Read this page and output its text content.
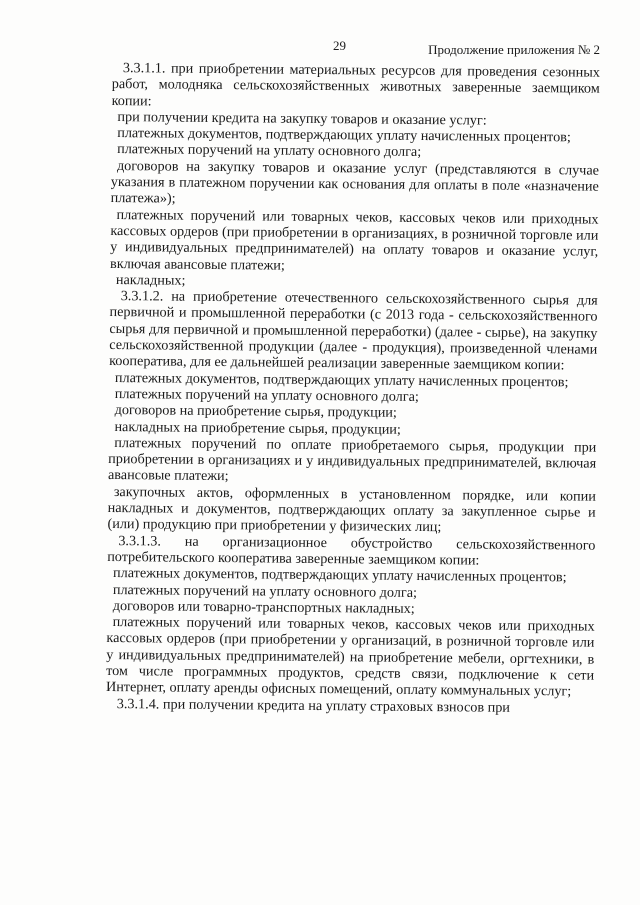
29	Продолжение приложения № 2

3.3.1.1. при приобретении материальных ресурсов для проведения сезонных работ, молодняка сельскохозяйственных животных заверенные заемщиком копии:

при получении кредита на закупку товаров и оказание услуг:

платежных документов, подтверждающих уплату начисленных процентов;

платежных поручений на уплату основного долга;

договоров на закупку товаров и оказание услуг (представляются в случае указания в платежном поручении как основания для оплаты в поле «назначение платежа»);

платежных поручений или товарных чеков, кассовых чеков или приходных кассовых ордеров (при приобретении в организациях, в розничной торговле или у индивидуальных предпринимателей) на оплату товаров и оказание услуг, включая авансовые платежи;

накладных;

3.3.1.2. на приобретение отечественного сельскохозяйственного сырья для первичной и промышленной переработки (с 2013 года - сельскохозяйственного сырья для первичной и промышленной переработки) (далее - сырье), на закупку сельскохозяйственной продукции (далее - продукция), произведенной членами кооператива, для ее дальнейшей реализации заверенные заемщиком копии:

платежных документов, подтверждающих уплату начисленных процентов;

платежных поручений на уплату основного долга;

договоров на приобретение сырья, продукции;

накладных на приобретение сырья, продукции;

платежных поручений по оплате приобретаемого сырья, продукции при приобретении в организациях и у индивидуальных предпринимателей, включая авансовые платежи;

закупочных актов, оформленных в установленном порядке, или копии накладных и документов, подтверждающих оплату за закупленное сырье и (или) продукцию при приобретении у физических лиц;

3.3.1.3. на организационное обустройство сельскохозяйственного потребительского кооператива заверенные заемщиком копии:

платежных документов, подтверждающих уплату начисленных процентов;

платежных поручений на уплату основного долга;

договоров или товарно-транспортных накладных;

платежных поручений или товарных чеков, кассовых чеков или приходных кассовых ордеров (при приобретении у организаций, в розничной торговле или у индивидуальных предпринимателей) на приобретение мебели, оргтехники, в том числе программных продуктов, средств связи, подключение к сети Интернет, оплату аренды офисных помещений, оплату коммунальных услуг;

3.3.1.4. при получении кредита на уплату страховых взносов при
